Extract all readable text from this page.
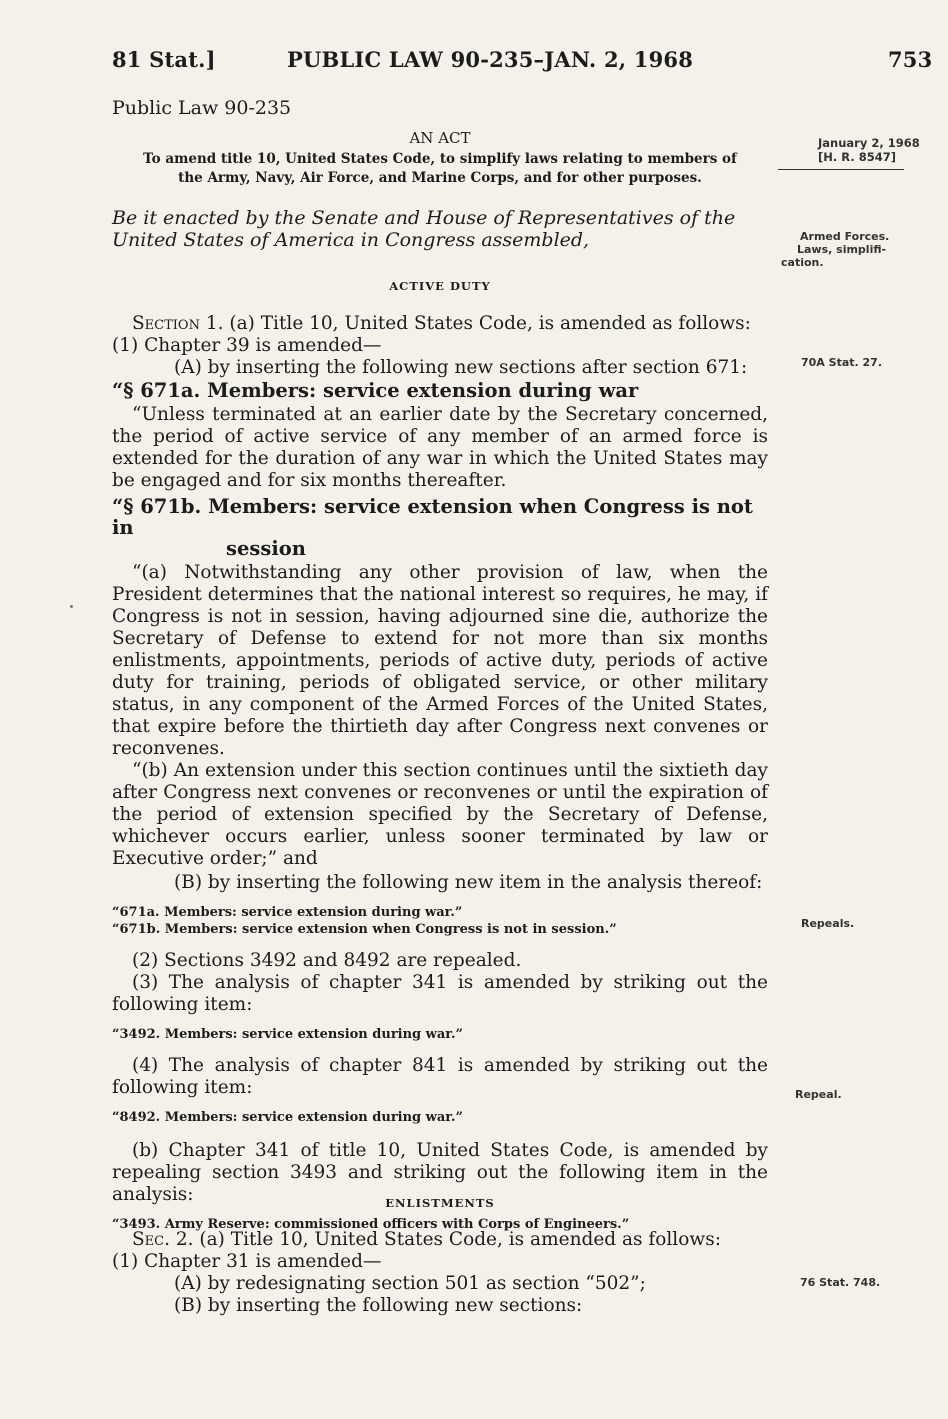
81 Stat.]	PUBLIC LAW 90-235–JAN. 2, 1968	753
Public Law 90-235
AN ACT
To amend title 10, United States Code, to simplify laws relating to members of
the Army, Navy, Air Force, and Marine Corps, and for other purposes.
Be it enacted by the Senate and House of Representatives of the
United States of America in Congress assembled,
January 2, 1968
[H. R. 8547]
Armed Forces.
Laws, simplifi-
cation.
70A Stat. 27.
Repeals.
Repeal.
76 Stat. 748.
ACTIVE DUTY
Section 1. (a) Title 10, United States Code, is amended as follows:
(1) Chapter 39 is amended—
(A) by inserting the following new sections after section 671:
“§ 671a. Members: service extension during war
“Unless terminated at an earlier date by the Secretary concerned, the period of active service of any member of an armed force is extended for the duration of any war in which the United States may be engaged and for six months thereafter.
“§ 671b. Members: service extension when Congress is not in
session
“(a) Notwithstanding any other provision of law, when the President determines that the national interest so requires, he may, if Congress is not in session, having adjourned sine die, authorize the Secretary of Defense to extend for not more than six months enlistments, appointments, periods of active duty, periods of active duty for training, periods of obligated service, or other military status, in any component of the Armed Forces of the United States, that expire before the thirtieth day after Congress next convenes or reconvenes.
“(b) An extension under this section continues until the sixtieth day after Congress next convenes or reconvenes or until the expiration of the period of extension specified by the Secretary of Defense, whichever occurs earlier, unless sooner terminated by law or Executive order;” and
(B) by inserting the following new item in the analysis thereof:
“671a. Members: service extension during war.”
“671b. Members: service extension when Congress is not in session.”
(2) Sections 3492 and 8492 are repealed.
(3) The analysis of chapter 341 is amended by striking out the following item:
“3492. Members: service extension during war.”
(4) The analysis of chapter 841 is amended by striking out the following item:
“8492. Members: service extension during war.”
(b) Chapter 341 of title 10, United States Code, is amended by repealing section 3493 and striking out the following item in the analysis:
“3493. Army Reserve: commissioned officers with Corps of Engineers.”
ENLISTMENTS
Sec. 2. (a) Title 10, United States Code, is amended as follows:
(1) Chapter 31 is amended—
(A) by redesignating section 501 as section “502”;
(B) by inserting the following new sections:
